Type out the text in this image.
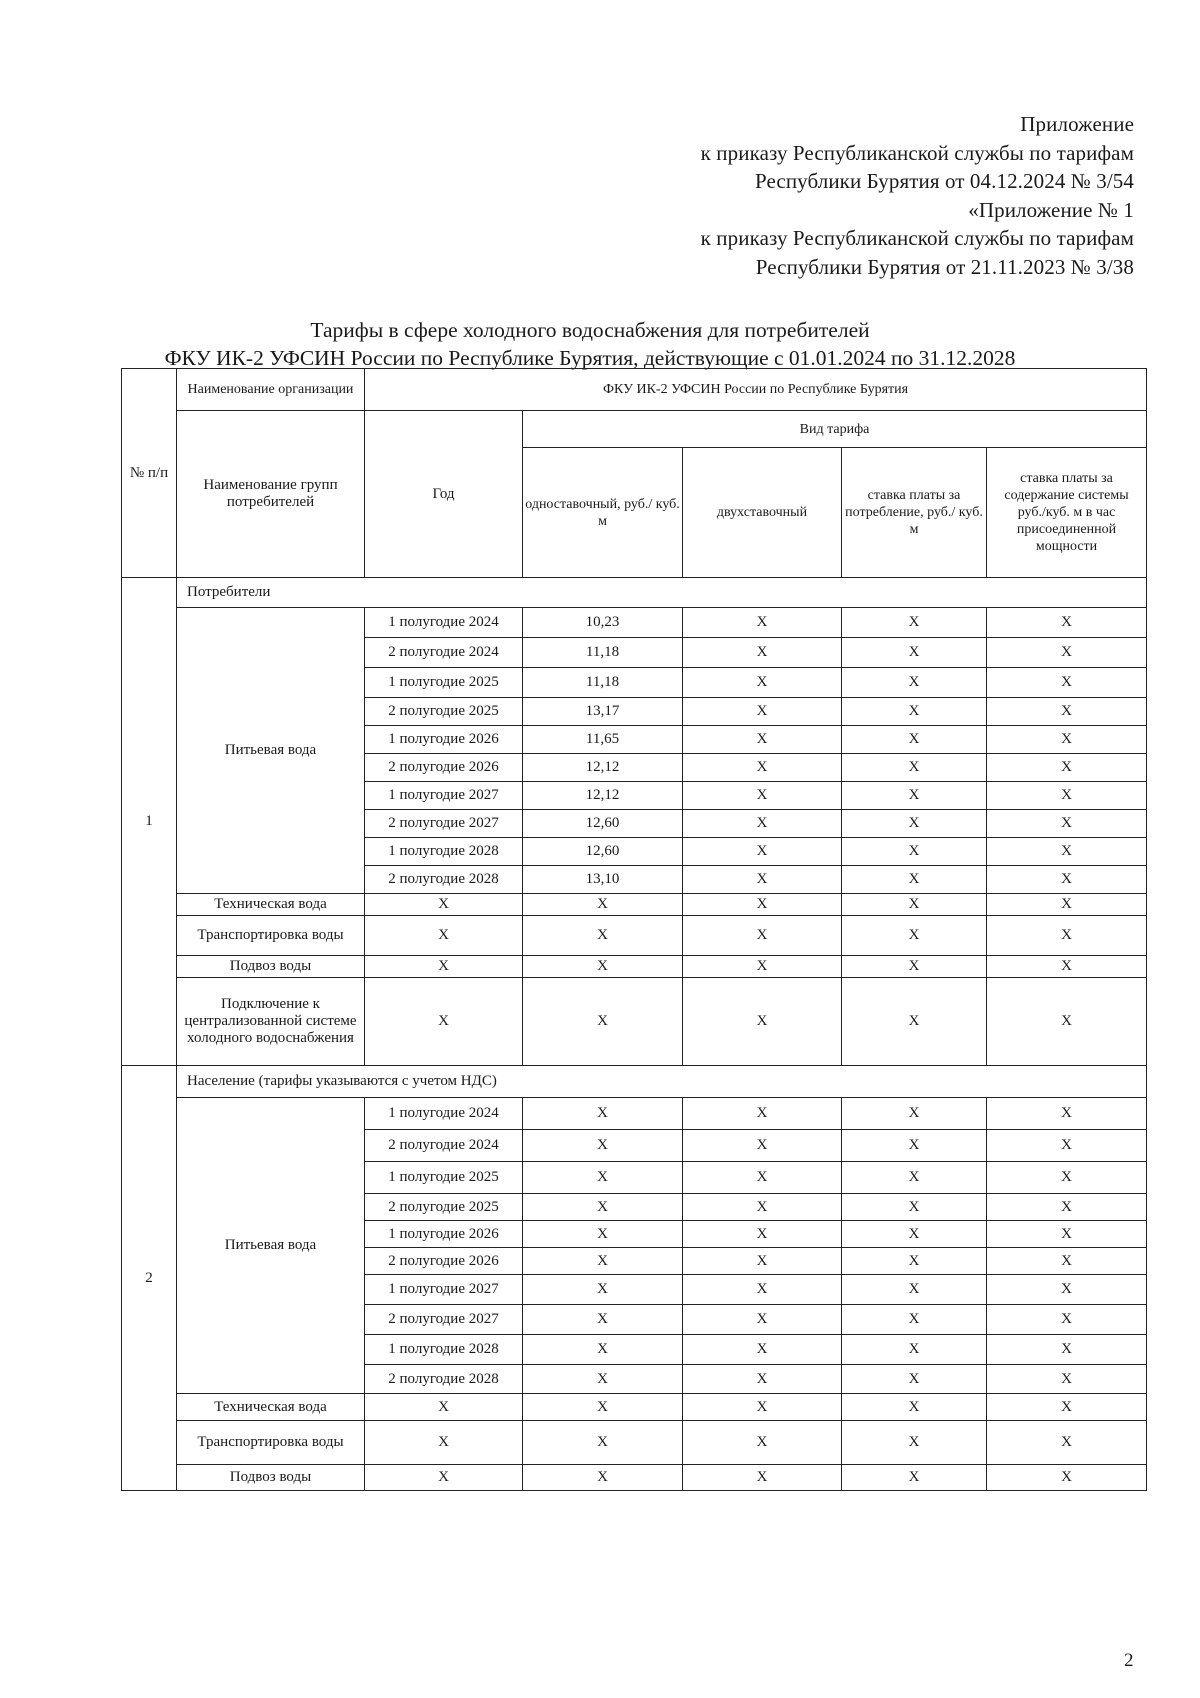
Приложение
к приказу Республиканской службы по тарифам
Республики Бурятия от 04.12.2024 № 3/54
«Приложение № 1
к приказу Республиканской службы по тарифам
Республики Бурятия от 21.11.2023 № 3/38
Тарифы в сфере холодного водоснабжения для потребителей
ФКУ ИК-2 УФСИН России по Республике Бурятия, действующие с 01.01.2024 по 31.12.2028
№ п/п	Наименование организации	ФКУ ИК-2 УФСИН России по Республике Бурятия				
	Наименование групп потребителей	Год	Вид тарифа			
			одноставочный, руб./ куб. м	двухставочный	ставка платы за потребление, руб./ куб. м	ставка платы за содержание системы руб./куб. м в час присоединенной мощности
1	Потребители					
	Питьевая вода	1 полугодие 2024	10,23	X	X	X
		2 полугодие 2024	11,18	X	X	X
		1 полугодие 2025	11,18	X	X	X
		2 полугодие 2025	13,17	X	X	X
		1 полугодие 2026	11,65	X	X	X
		2 полугодие 2026	12,12	X	X	X
		1 полугодие 2027	12,12	X	X	X
		2 полугодие 2027	12,60	X	X	X
		1 полугодие 2028	12,60	X	X	X
		2 полугодие 2028	13,10	X	X	X
	Техническая вода	X	X	X	X	X
	Транспортировка воды	X	X	X	X	X
	Подвоз воды	X	X	X	X	X
	Подключение к централизованной системе холодного водоснабжения	X	X	X	X	X
2	Население (тарифы указываются с учетом НДС)					
	Питьевая вода	1 полугодие 2024	X	X	X	X
		2 полугодие 2024	X	X	X	X
		1 полугодие 2025	X	X	X	X
		2 полугодие 2025	X	X	X	X
		1 полугодие 2026	X	X	X	X
		2 полугодие 2026	X	X	X	X
		1 полугодие 2027	X	X	X	X
		2 полугодие 2027	X	X	X	X
		1 полугодие 2028	X	X	X	X
		2 полугодие 2028	X	X	X	X
	Техническая вода	X	X	X	X	X
	Транспортировка воды	X	X	X	X	X
	Подвоз воды	X	X	X	X	X
2
